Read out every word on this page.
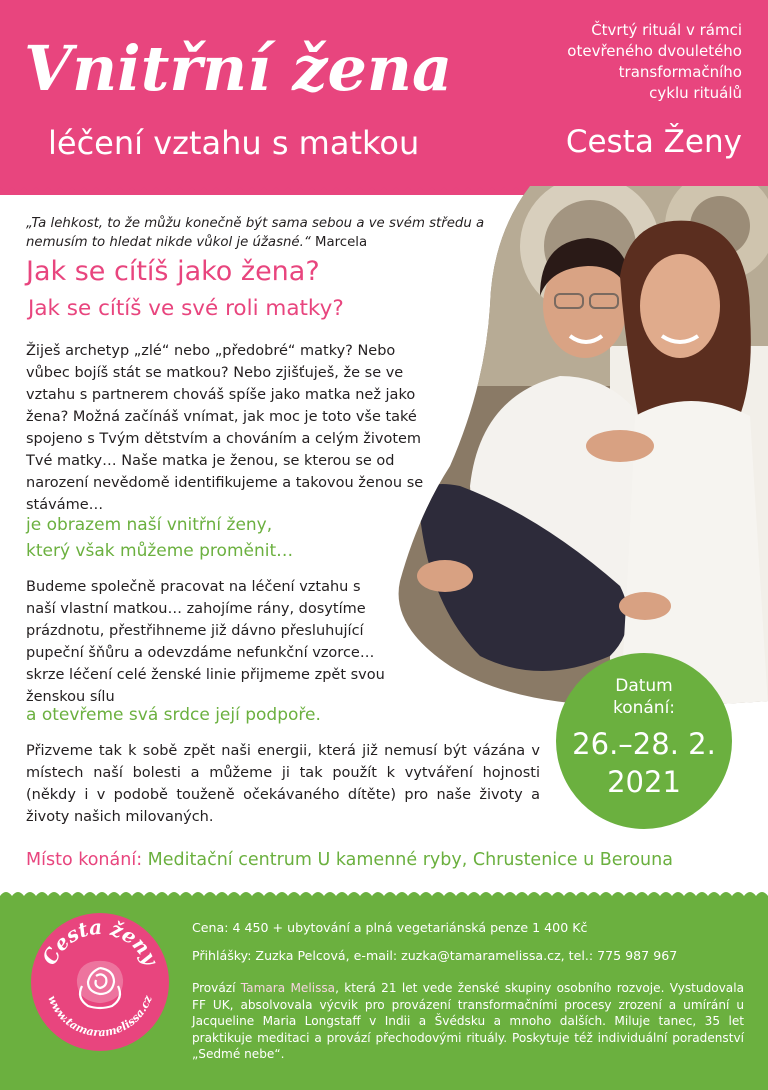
Vnitřní žena
léčení vztahu s matkou
Čtvrtý rituál v rámci
otevřeného dvouletého
transformačního
cyklu rituálů
Cesta Ženy
„Ta lehkost, to že můžu konečně být sama sebou a ve svém středu a nemusím to hledat nikde vůkol je úžasné.“ Marcela
Jak se cítíš jako žena?
Jak se cítíš ve své roli matky?
Žiješ archetyp „zlé“ nebo „předobré“ matky? Nebo vůbec bojíš stát se matkou? Nebo zjišťuješ, že se ve vztahu s partnerem chováš spíše jako matka než jako žena? Možná začínáš vnímat, jak moc je toto vše také spojeno s Tvým dětstvím a chováním a celým životem Tvé matky… Naše matka je ženou, se kterou se od narození nevědomě identifikujeme a takovou ženou se stáváme…
je obrazem naší vnitřní ženy,
který však můžeme proměnit…
Budeme společně pracovat na léčení vztahu s naší vlastní matkou… zahojíme rány, dosytíme prázdnotu, přestřihneme již dávno přesluhující pupeční šňůru a odevzdáme nefunkční vzorce… skrze léčení celé ženské linie přijmeme zpět svou ženskou sílu
a otevřeme svá srdce její podpoře.
Přizveme tak k sobě zpět naši energii, která již nemusí být vázána v místech naší bolesti a můžeme ji tak použít k vytváření hojnosti (někdy i v podobě touženě očekávaného dítěte) pro naše životy a životy našich milovaných.
Místo konání: Meditační centrum U kamenné ryby, Chrustenice u Berouna
Datum
konání:
26.–28. 2.
2021
Cesta ženy
www.tamaramelissa.cz
Cena: 4 450 + ubytování a plná vegetariánská penze 1 400 Kč
Přihlášky: Zuzka Pelcová, e-mail: zuzka@tamaramelissa.cz, tel.: 775 987 967
Provází Tamara Melissa, která 21 let vede ženské skupiny osobního rozvoje. Vystudovala FF UK, absolvovala výcvik pro provázení transformačními procesy zrození a umírání u Jacqueline Maria Longstaff v Indii a Švédsku a mnoho dalších. Miluje tanec, 35 let praktikuje meditaci a provází přechodovými rituály. Poskytuje též individuální poradenství „Sedmé nebe“.
